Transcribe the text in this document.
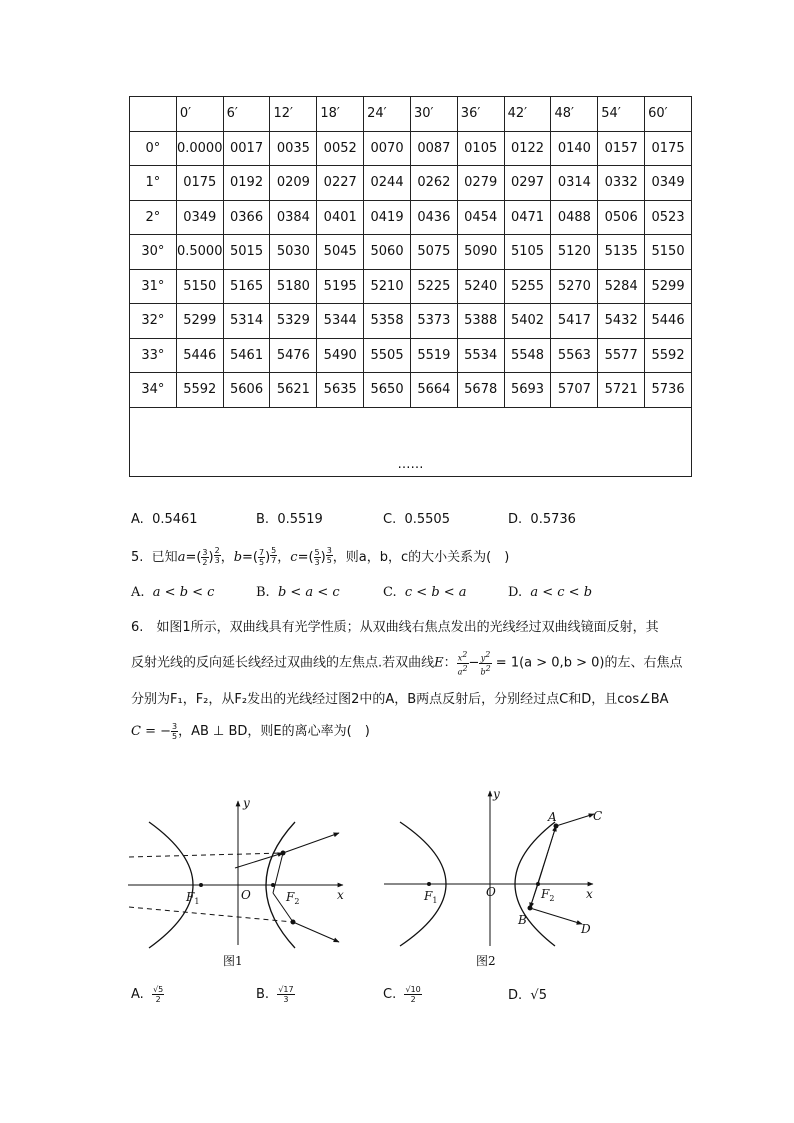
	0′	6′	12′	18′	24′	30′	36′	42′	48′	54′	60′
0°	0.0000	0017	0035	0052	0070	0087	0105	0122	0140	0157	0175
1°	0175	0192	0209	0227	0244	0262	0279	0297	0314	0332	0349
2°	0349	0366	0384	0401	0419	0436	0454	0471	0488	0506	0523
30°	0.5000	5015	5030	5045	5060	5075	5090	5105	5120	5135	5150
31°	5150	5165	5180	5195	5210	5225	5240	5255	5270	5284	5299
32°	5299	5314	5329	5344	5358	5373	5388	5402	5417	5432	5446
33°	5446	5461	5476	5490	5505	5519	5534	5548	5563	5577	5592
34°	5592	5606	5621	5635	5650	5664	5678	5693	5707	5721	5736
……											
A. 0.5461	B. 0.5519	C. 0.5505	D. 0.5736
5. 已知$a=( \frac{3}{2}$ ) $\frac{2}{3}$ ，$b=( \frac{7}{5}$ ) $\frac{5}{7}$ ，$c=( \frac{5}{3}$ ) $\frac{3}{5}$ ，则a，b，c的大小关系为(　)
A. a < b < c	B. b < a < c	C. c < b < a	D. a < c < b
6.　如图1所示，双曲线具有光学性质；从双曲线右焦点发出的光线经过双曲线镜面反射，其
反射光线的反向延长线经过双曲线的左焦点.若双曲线E： $\frac{x2}{a2} - \frac{y2}{b2} = 1(a > 0,b > 0)$的左、右焦点
分别为F₁，F₂，从F₂发出的光线经过图2中的A，B两点反射后，分别经过点C和D，且cos∠BA
C = − $\frac{3}{5}$ ，AB ⊥ BD，则E的离心率为(　)
y
x
O
$F_1$	$F_2$
图1
y
x
O
$F_1$	$F_2$
A
B
C
D
图2
A. $\frac{√5}{2}$	B. $\frac{√17}{3}$	C. $\frac{√10}{2}$	D. √5
